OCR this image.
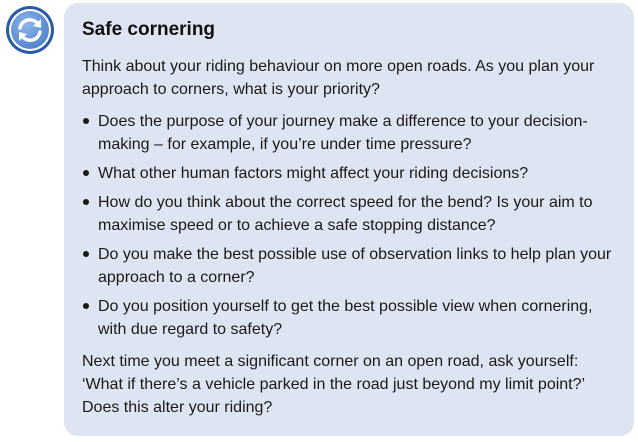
Safe cornering

Think about your riding behaviour on more open roads. As you plan your approach to corners, what is your priority?

Does the purpose of your journey make a difference to your decision-making – for example, if you’re under time pressure?
What other human factors might affect your riding decisions?
How do you think about the correct speed for the bend? Is your aim to maximise speed or to achieve a safe stopping distance?
Do you make the best possible use of observation links to help plan your approach to a corner?
Do you position yourself to get the best possible view when cornering, with due regard to safety?

Next time you meet a significant corner on an open road, ask yourself: ‘What if there’s a vehicle parked in the road just beyond my limit point?’ Does this alter your riding?
